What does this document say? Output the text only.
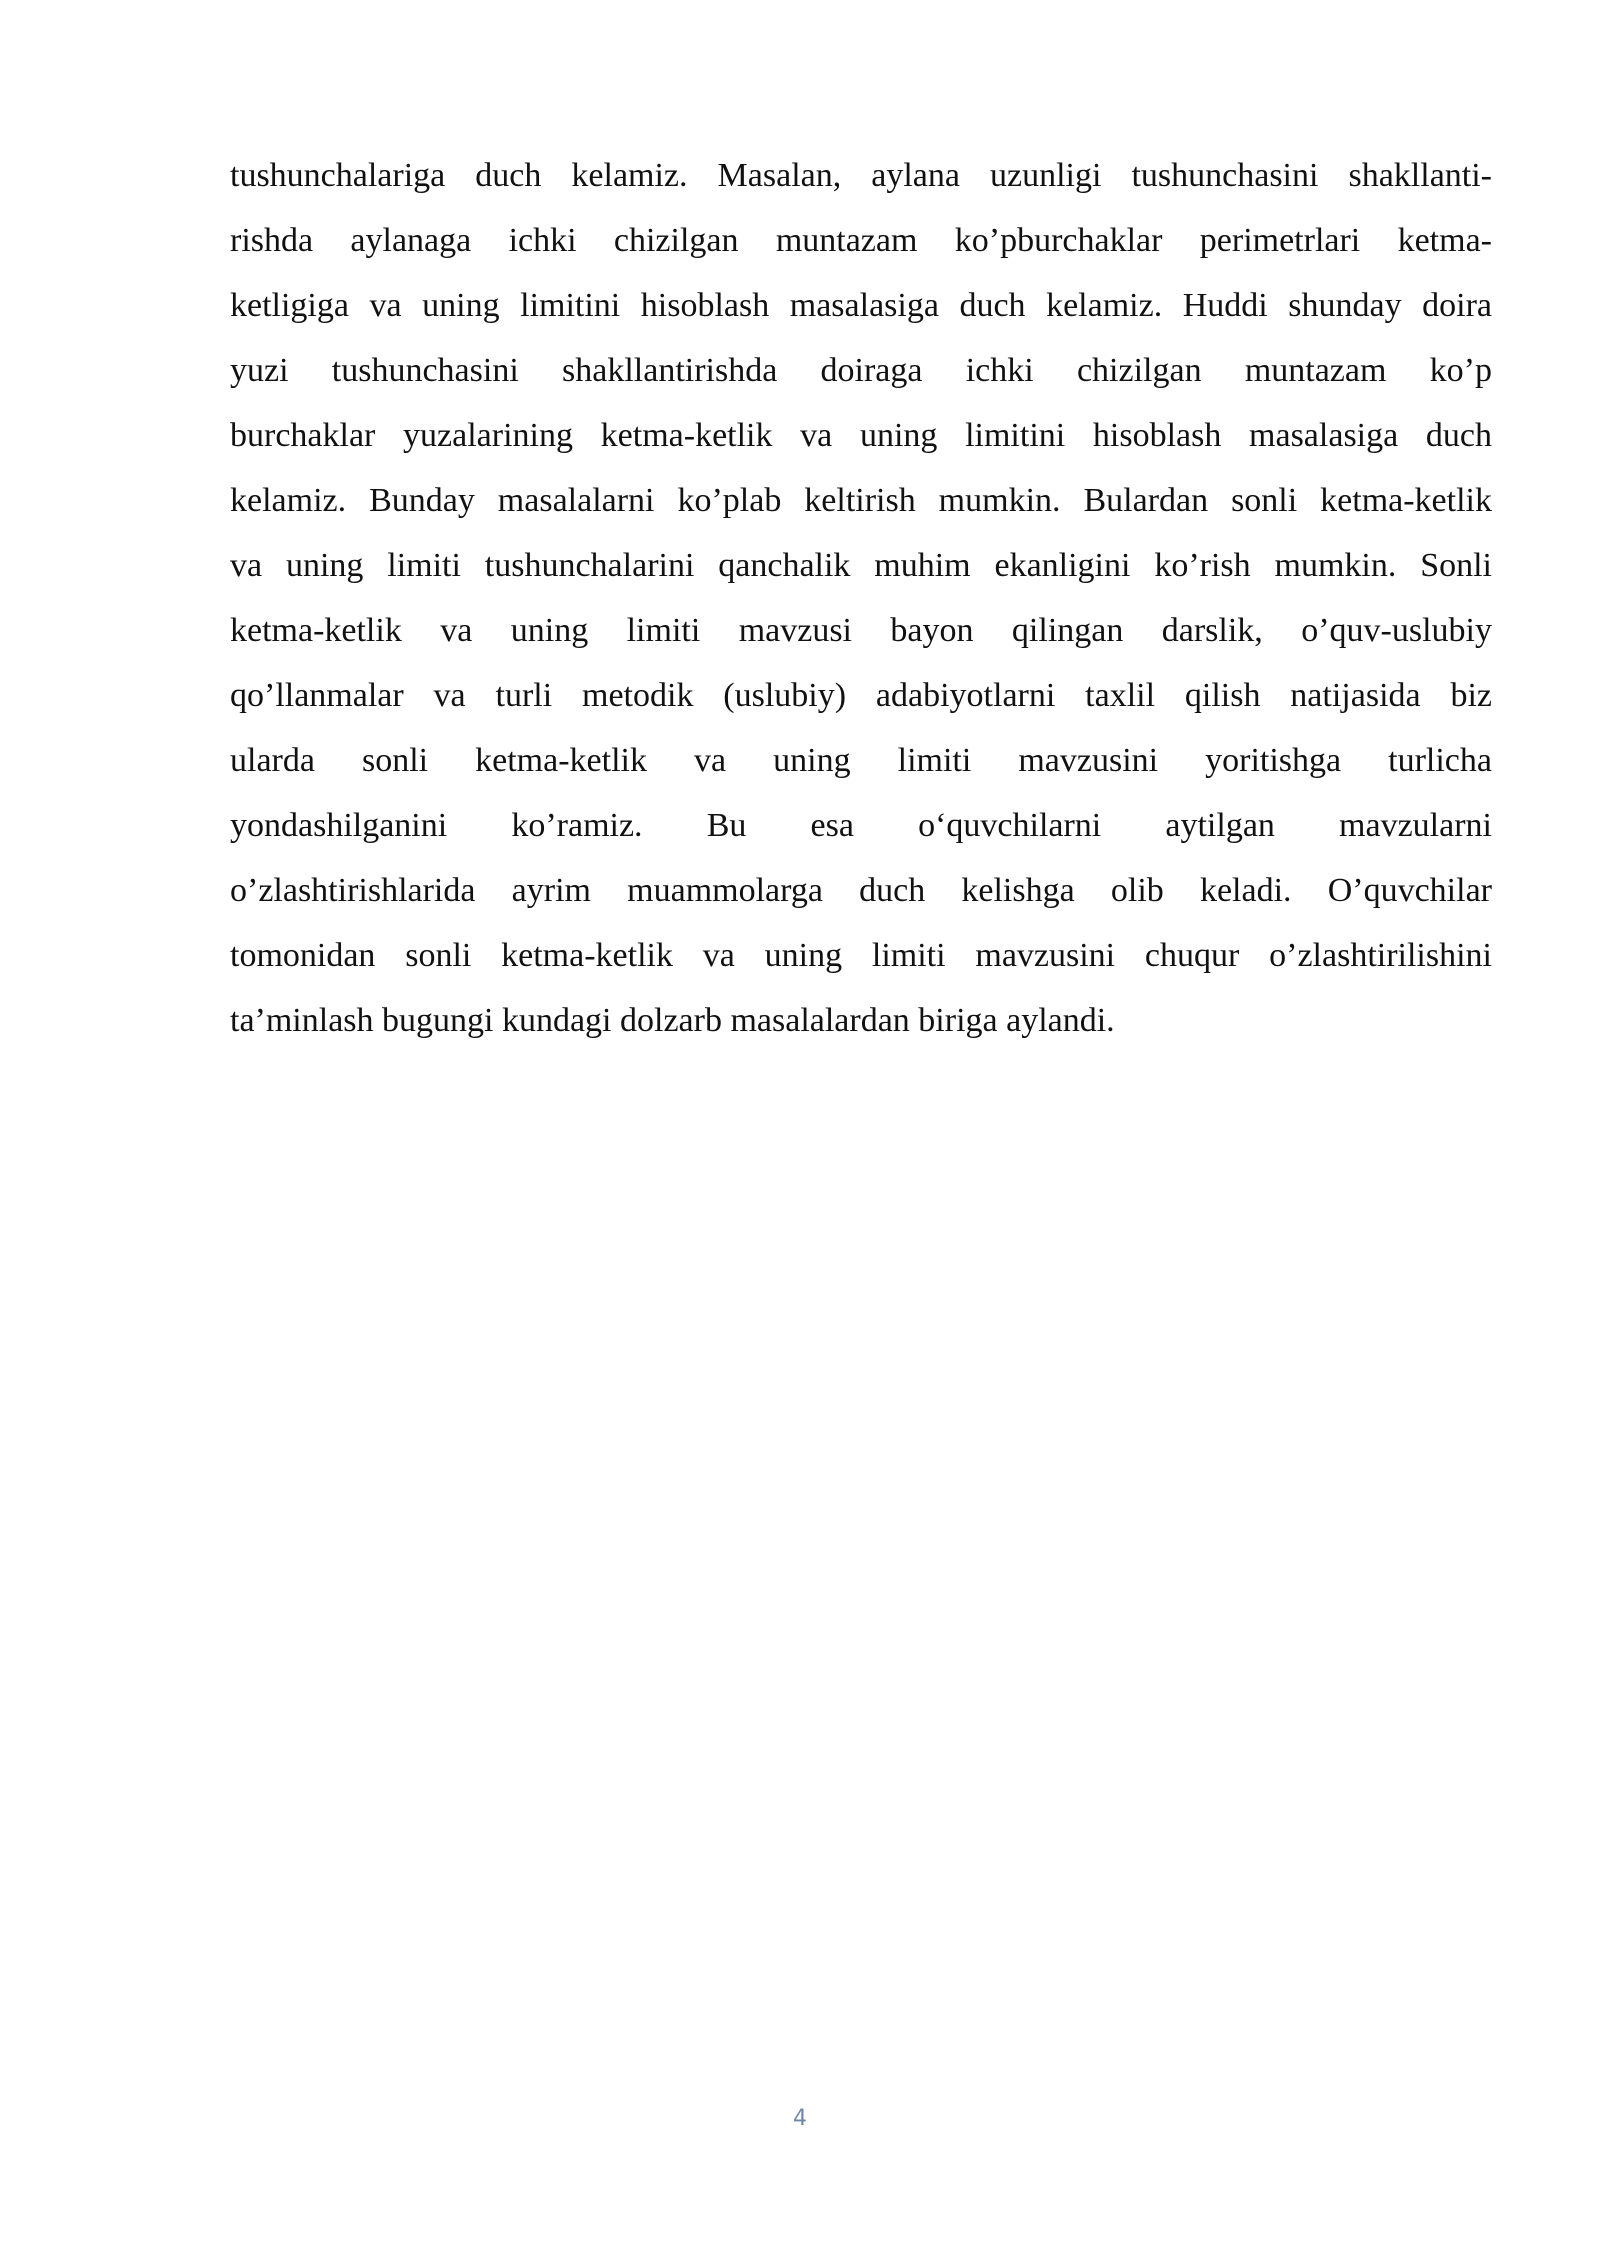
tushunchalariga duch kelamiz. Masalan, aylana uzunligi tushunchasini shakllanti-
rishda aylanaga ichki chizilgan muntazam ko’pburchaklar perimetrlari ketma-
ketligiga va uning limitini hisoblash masalasiga duch kelamiz. Huddi shunday doira
yuzi tushunchasini shakllantirishda doiraga ichki chizilgan muntazam ko’p
burchaklar yuzalarining ketma-ketlik va uning limitini hisoblash masalasiga duch
kelamiz. Bunday masalalarni ko’plab keltirish mumkin. Bulardan sonli ketma-ketlik
va uning limiti tushunchalarini qanchalik muhim ekanligini ko’rish mumkin. Sonli
ketma-ketlik va uning limiti mavzusi bayon qilingan darslik, o’quv-uslubiy
qo’llanmalar va turli metodik (uslubiy) adabiyotlarni taxlil qilish natijasida biz
ularda sonli ketma-ketlik va uning limiti mavzusini yoritishga turlicha
yondashilganini ko’ramiz. Bu esa o‘quvchilarni aytilgan mavzularni
o’zlashtirishlarida ayrim muammolarga duch kelishga olib keladi. O’quvchilar
tomonidan sonli ketma-ketlik va uning limiti mavzusini chuqur o’zlashtirilishini
ta’minlash bugungi kundagi dolzarb masalalardan biriga aylandi.
4
